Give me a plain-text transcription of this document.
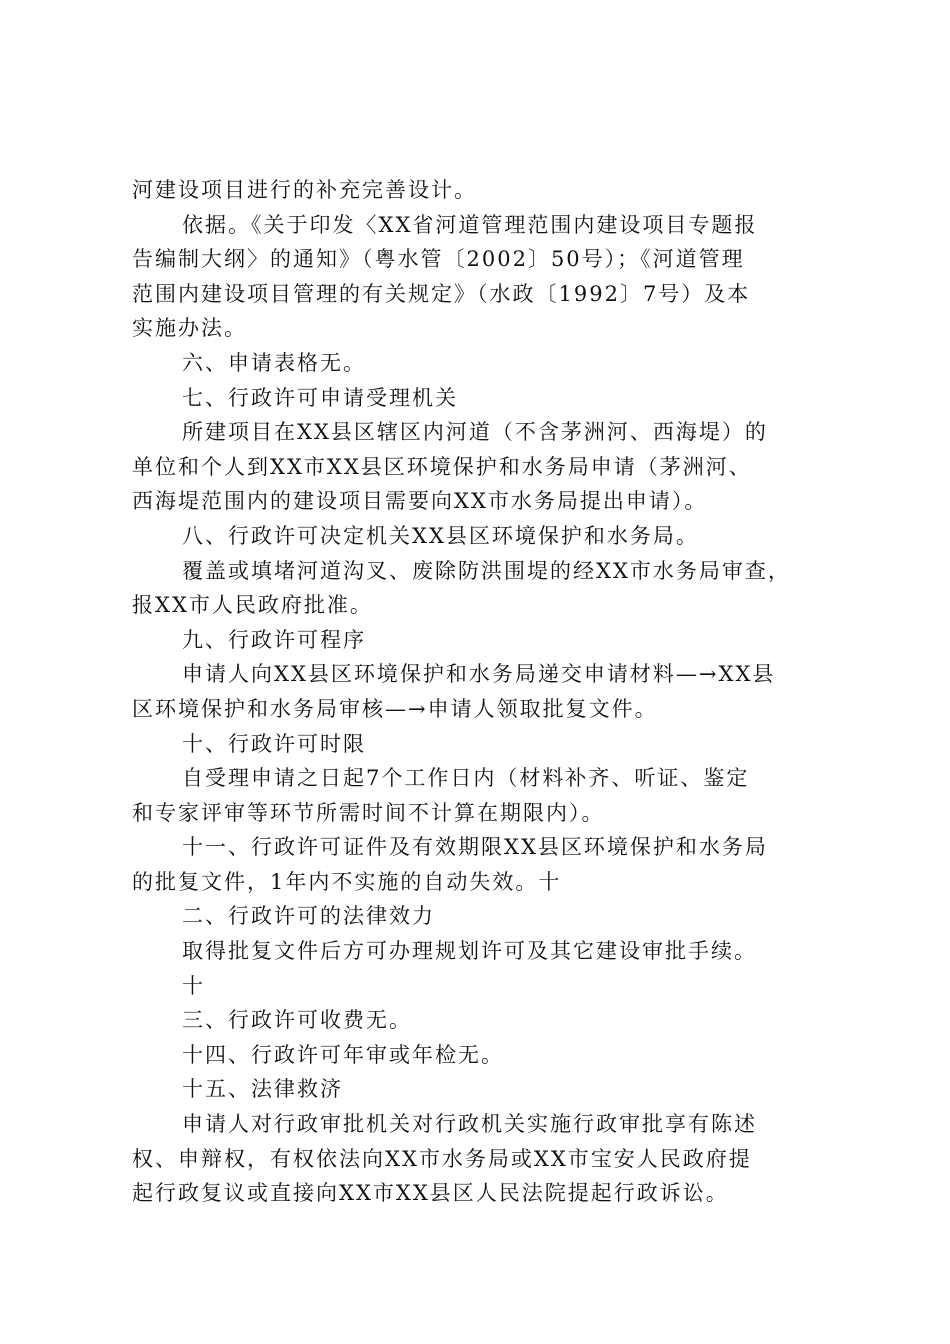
河建设项目进行的补充完善设计。
依据。《关于印发〈XX省河道管理范围内建设项目专题报
告编制大纲〉的通知》（粤水管〔2002〕50号）；《河道管理
范围内建设项目管理的有关规定》（水政〔1992〕7号）及本
实施办法。
六、申请表格无。
七、行政许可申请受理机关
所建项目在XX县区辖区内河道（不含茅洲河、西海堤）的
单位和个人到XX市XX县区环境保护和水务局申请（茅洲河、
西海堤范围内的建设项目需要向XX市水务局提出申请）。
八、行政许可决定机关XX县区环境保护和水务局。
覆盖或填堵河道沟叉、废除防洪围堤的经XX市水务局审查，
报XX市人民政府批准。
九、行政许可程序
申请人向XX县区环境保护和水务局递交申请材料—→XX县
区环境保护和水务局审核—→申请人领取批复文件。
十、行政许可时限
自受理申请之日起7个工作日内（材料补齐、听证、鉴定
和专家评审等环节所需时间不计算在期限内）。
十一、行政许可证件及有效期限XX县区环境保护和水务局
的批复文件，1年内不实施的自动失效。十
二、行政许可的法律效力
取得批复文件后方可办理规划许可及其它建设审批手续。
十
三、行政许可收费无。
十四、行政许可年审或年检无。
十五、法律救济
申请人对行政审批机关对行政机关实施行政审批享有陈述
权、申辩权，有权依法向XX市水务局或XX市宝安人民政府提
起行政复议或直接向XX市XX县区人民法院提起行政诉讼。
